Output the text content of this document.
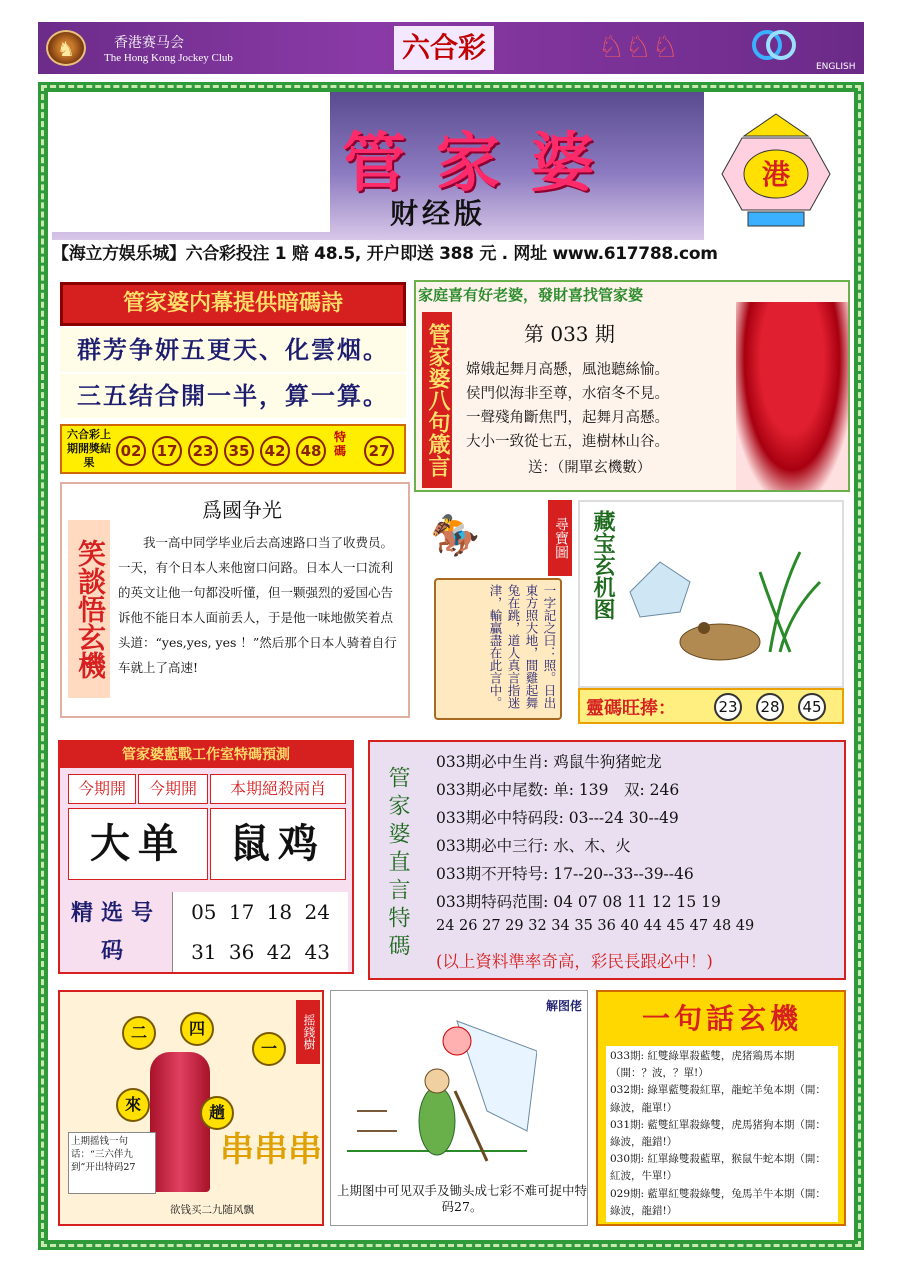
♞	香港赛马会
The Hong Kong Jockey Club	六合彩	♘♘♘
ENGLISH
管家婆
财经版
港
【海立方娱乐城】六合彩投注 1 赔 48.5, 开户即送 388 元 . 网址 www.617788.com
管家婆内幕提供暗碼詩
群芳争妍五更天、化雲烟。
三五结合開一半，算一算。
六合彩上期開獎結果
02	17	23	35	42	48
特碼	27
家庭喜有好老婆，發財喜找管家婆
管家婆八句箴言	第 033 期
嫦娥起舞月高懸，風池聽絲愉。
侯門似海非至尊，水宿冬不見。
一聲殘角斷焦門，起舞月高懸。
大小一致從七五，進樹林山谷。
送：（開單玄機數）
笑談悟玄機
爲國争光
我一高中同学毕业后去高速路口当了收费员。一天，有个日本人来他窗口问路。日本人一口流利的英文让他一句都没听懂，但一颗强烈的爱国心告诉他不能日本人面前丢人，于是他一味地傲笑着点头道：“yes,yes, yes ！”然后那个日本人骑着自行车就上了高速!
🏇	尋寶圖
一字記之曰：照。日出東方照大地，間雞起舞兔在跳，道人真言指迷津，輸贏盡在此言中。
藏宝玄机图
靈碼旺捧：	23 28 45
管家婆藍戰工作室特碼預測
今期開	今期開	本期絕殺兩肖
大单	鼠鸡
精选号码
05 17 18 24
31 36 42 43	管家婆直言特碼
033期必中生肖: 鸡鼠牛狗猪蛇龙
033期必中尾数: 单: 139　双: 246
033期必中特码段: 03---24 30--49
033期必中三行: 水、木、火
033期不开特号: 17--20--33--39--46
033期特码范围: 04 07 08 11 12 15 19
24 26 27 29 32 34 35 36 40 44 45 47 48 49
(以上資料準率奇高，彩民長跟必中！)
二	四
一
來	趟
摇錢樹
串串串
上期摇钱一句话：“三六伴九到”开出特码27
欲钱买二九随风飘
解图佬
上期图中可见双手及锄头成七彩不难可捉中特码27。
一句話玄機
033期: 紅雙綠單殺藍雙，虎猪鶏馬本期（開：？波，？單!）
032期: 綠單藍雙殺紅單，龍蛇羊兔本期（開：綠波，龍單!）
031期: 藍雙紅單殺綠雙，虎馬猪狗本期（開：綠波，龍錯!）
030期: 紅單綠雙殺藍單，猴鼠牛蛇本期（開：紅波，牛單!）
029期: 藍單紅雙殺綠雙，兔馬羊牛本期（開：綠波，龍錯!）
